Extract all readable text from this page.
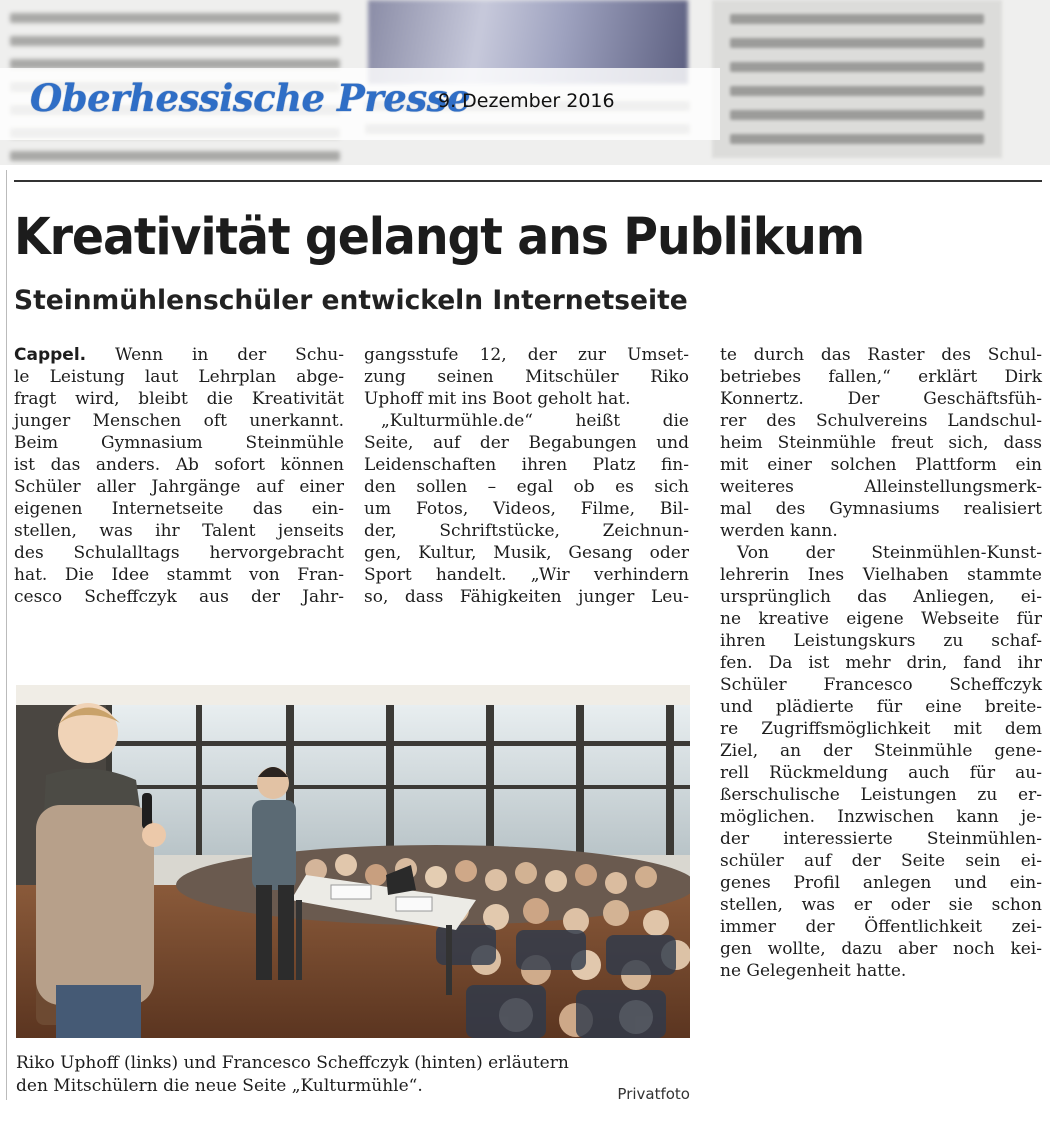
Oberhessische Presse
9. Dezember 2016
Kreativität gelangt ans Publikum
Steinmühlenschüler entwickeln Internetseite
Cappel. Wenn in der Schu-
le Leistung laut Lehrplan abge-
fragt wird, bleibt die Kreativität
junger Menschen oft unerkannt.
Beim Gymnasium Steinmühle
ist das anders. Ab sofort können
Schüler aller Jahrgänge auf einer
eigenen Internetseite das ein-
stellen, was ihr Talent jenseits
des Schulalltags hervorgebracht
hat. Die Idee stammt von Fran-
cesco Scheffczyk aus der Jahr-
gangsstufe 12, der zur Umset-
zung seinen Mitschüler Riko
Uphoff mit ins Boot geholt hat.
„Kulturmühle.de“ heißt die
Seite, auf der Begabungen und
Leidenschaften ihren Platz fin-
den sollen – egal ob es sich
um Fotos, Videos, Filme, Bil-
der, Schriftstücke, Zeichnun-
gen, Kultur, Musik, Gesang oder
Sport handelt. „Wir verhindern
so, dass Fähigkeiten junger Leu-
te durch das Raster des Schul-
betriebes fallen,“ erklärt Dirk
Konnertz. Der Geschäftsfüh-
rer des Schulvereins Landschul-
heim Steinmühle freut sich, dass
mit einer solchen Plattform ein
weiteres Alleinstellungsmerk-
mal des Gymnasiums realisiert
werden kann.
Von der Steinmühlen-Kunst-
lehrerin Ines Vielhaben stammte
ursprünglich das Anliegen, ei-
ne kreative eigene Webseite für
ihren Leistungskurs zu schaf-
fen. Da ist mehr drin, fand ihr
Schüler Francesco Scheffczyk
und plädierte für eine breite-
re Zugriffsmöglichkeit mit dem
Ziel, an der Steinmühle gene-
rell Rückmeldung auch für au-
ßerschulische Leistungen zu er-
möglichen. Inzwischen kann je-
der interessierte Steinmühlen-
schüler auf der Seite sein ei-
genes Profil anlegen und ein-
stellen, was er oder sie schon
immer der Öffentlichkeit zei-
gen wollte, dazu aber noch kei-
ne Gelegenheit hatte.
Riko Uphoff (links) und Francesco Scheffczyk (hinten) erläutern
den Mitschülern die neue Seite „Kulturmühle“.	Privatfoto
